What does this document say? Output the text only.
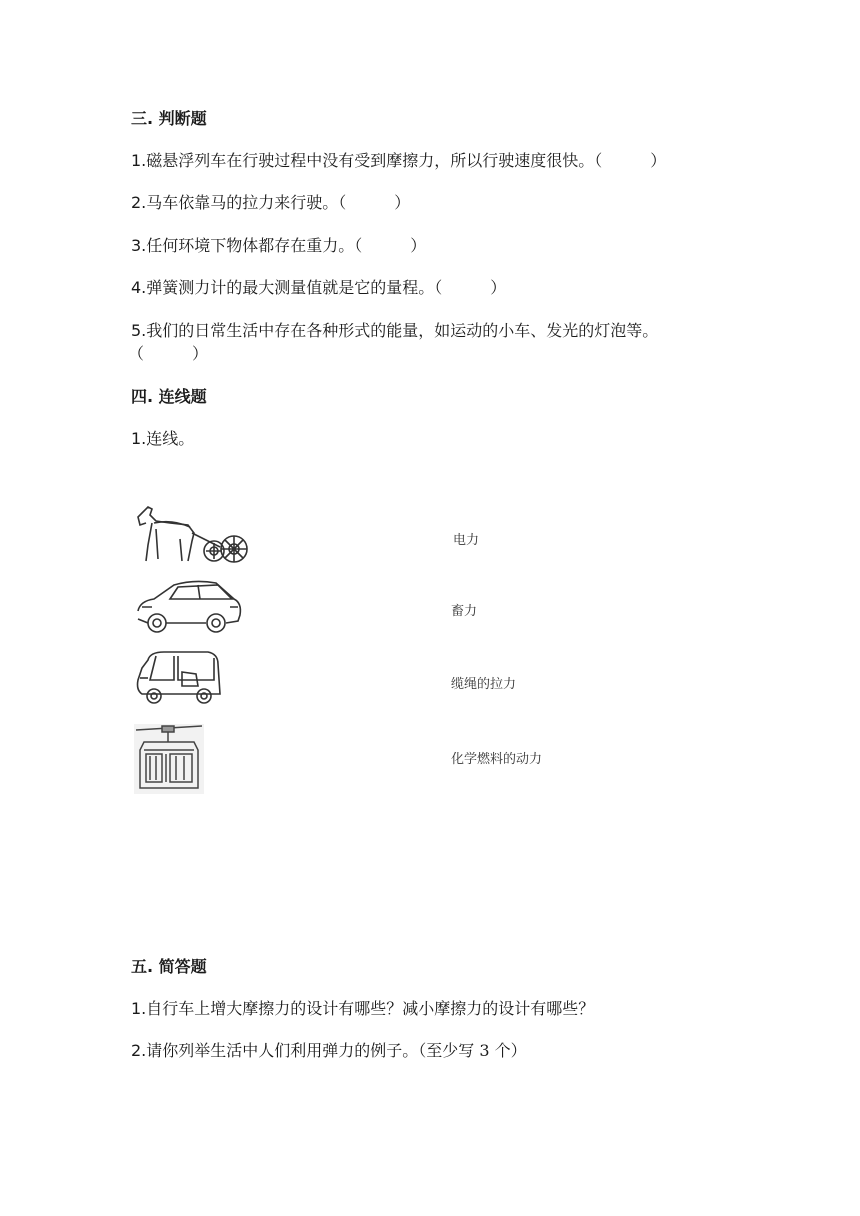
三. 判断题
1.磁悬浮列车在行驶过程中没有受到摩擦力，所以行驶速度很快。（　　　）
2.马车依靠马的拉力来行驶。（　　　）
3.任何环境下物体都存在重力。（　　　）
4.弹簧测力计的最大测量值就是它的量程。（　　　）
5.我们的日常生活中存在各种形式的能量，如运动的小车、发光的灯泡等。
（　　　）
四. 连线题
1.连线。
电力
畜力
缆绳的拉力
化学燃料的动力
五. 简答题
1.自行车上增大摩擦力的设计有哪些？减小摩擦力的设计有哪些？
2.请你列举生活中人们利用弹力的例子。（至少写 3 个）
